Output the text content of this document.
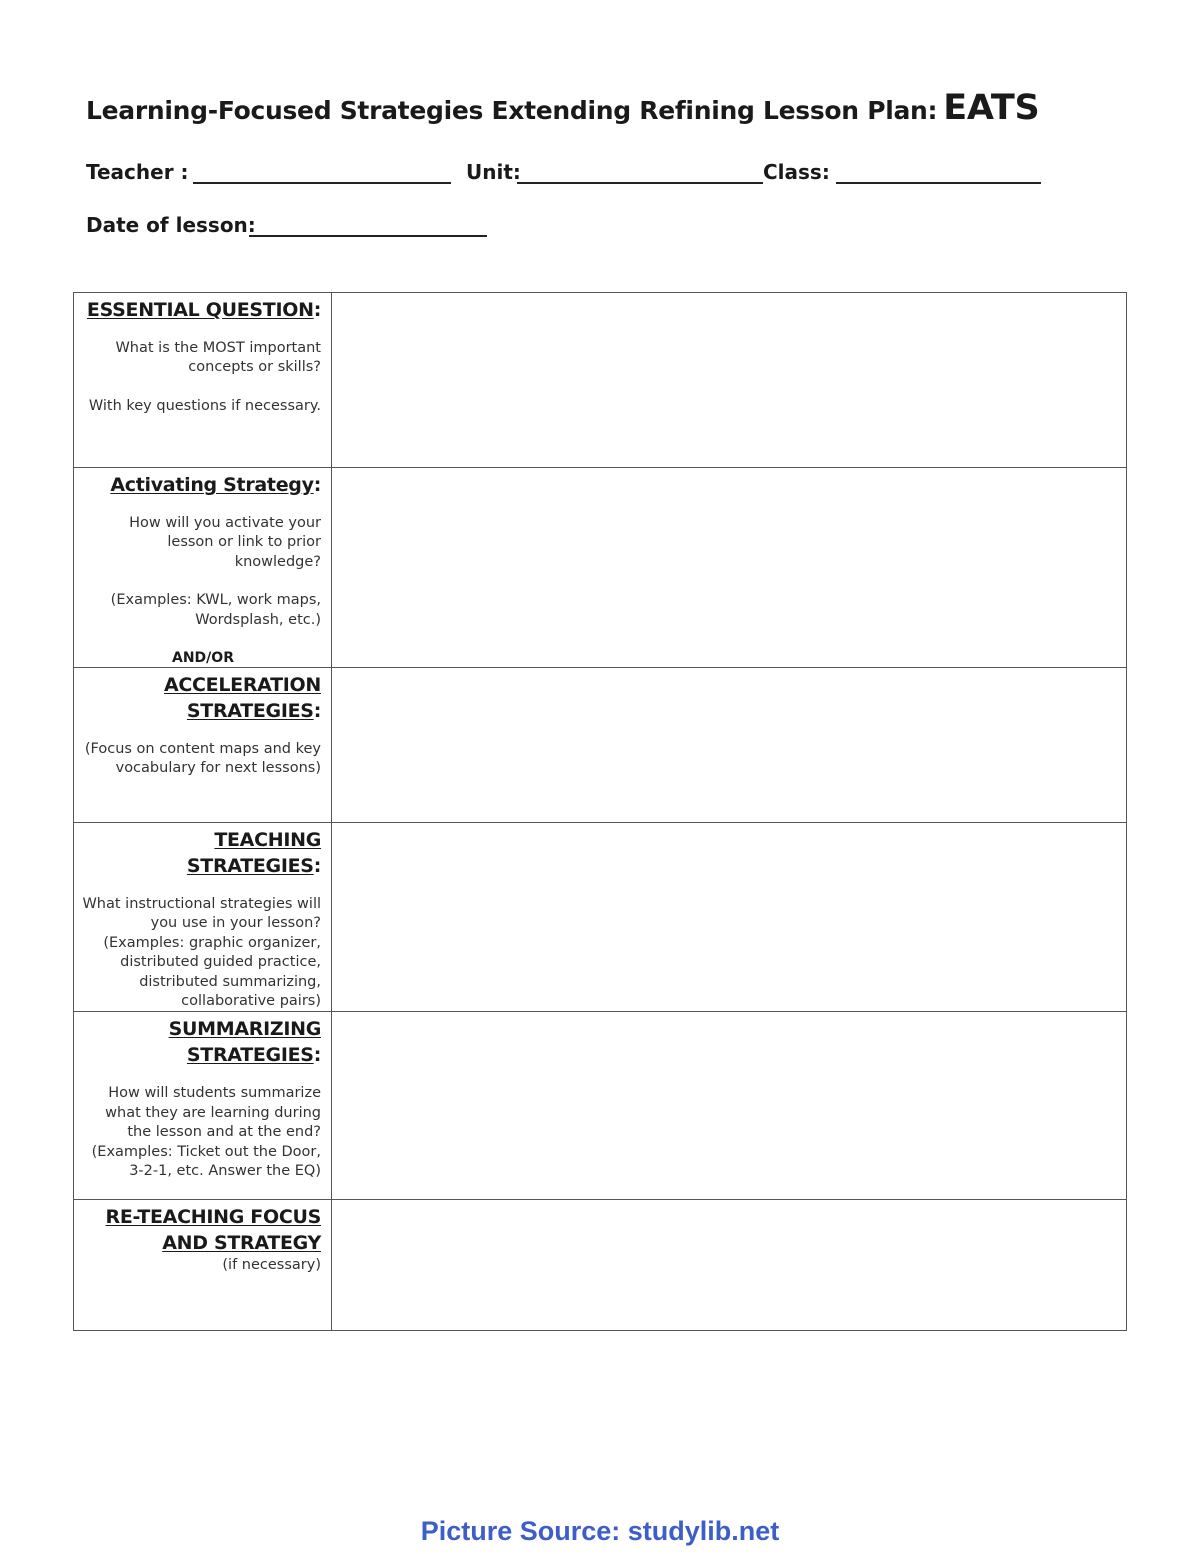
Learning-Focused Strategies Extending Refining Lesson Plan: EATS
Teacher :	Unit:	Class:
Date of lesson:
ESSENTIAL QUESTION:
What is the MOST important concepts or skills?
With key questions if necessary.	

Activating Strategy:
How will you activate your lesson or link to prior knowledge?
(Examples: KWL, work maps, Wordsplash, etc.)
AND/OR	

ACCELERATION
STRATEGIES:
(Focus on content maps and key vocabulary for next lessons)	

TEACHING STRATEGIES:
What instructional strategies will you use in your lesson? (Examples: graphic organizer, distributed guided practice, distributed summarizing, collaborative pairs)	

SUMMARIZING
STRATEGIES:
How will students summarize what they are learning during the lesson and at the end? (Examples: Ticket out the Door, 3-2-1, etc. Answer the EQ)	

RE-TEACHING FOCUS
AND STRATEGY
(if necessary)	

Picture Source: studylib.net
